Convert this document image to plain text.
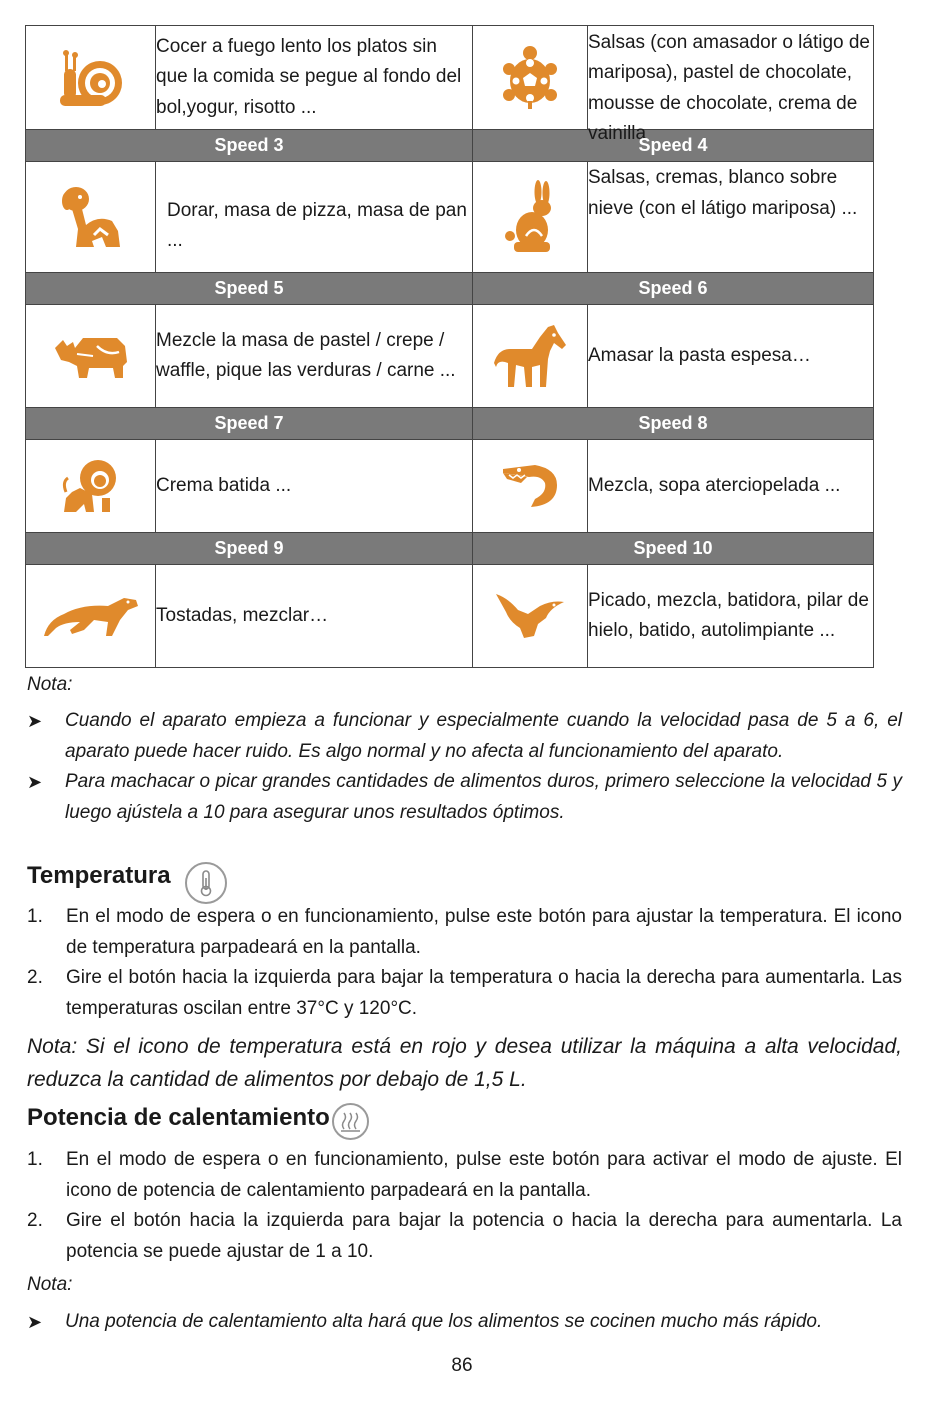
	Cocer a fuego lento los platos sin que la comida se pegue al fondo del bol,yogur, risotto ...		Salsas (con amasador o látigo de mariposa), pastel de chocolate, mousse de chocolate, crema de vainilla

Speed 3		Speed 4	

	Dorar, masa de pizza, masa de pan ...		Salsas, cremas, blanco sobre nieve (con el látigo mariposa) ...
Speed 5		Speed 6	

	Mezcle la masa de pastel / crepe / waffle, pique las verduras / carne ...		Amasar la pasta espesa…
Speed 7		Speed 8	

	Crema batida ...		Mezcla, sopa aterciopelada ...
Speed 9		Speed 10	

	Tostadas, mezclar…		Picado, mezcla, batidora, pilar de hielo, batido, autolimpiante ...
Nota:
➤ Cuando el aparato empieza a funcionar y especialmente cuando la velocidad pasa de 5 a 6, el aparato puede hacer ruido. Es algo normal y no afecta al funcionamiento del aparato.
➤ Para machacar o picar grandes cantidades de alimentos duros, primero seleccione la velocidad 5 y luego ajústela a 10 para asegurar unos resultados óptimos.
Temperatura
1. En el modo de espera o en funcionamiento, pulse este botón para ajustar la temperatura. El icono de temperatura parpadeará en la pantalla.
2. Gire el botón hacia la izquierda para bajar la temperatura o hacia la derecha para aumentarla. Las temperaturas oscilan entre 37°C y 120°C.
Nota: Si el icono de temperatura está en rojo y desea utilizar la máquina a alta velocidad, reduzca la cantidad de alimentos por debajo de 1,5 L.
Potencia de calentamiento
1. En el modo de espera o en funcionamiento, pulse este botón para activar el modo de ajuste. El icono de potencia de calentamiento parpadeará en la pantalla.
2. Gire el botón hacia la izquierda para bajar la potencia o hacia la derecha para aumentarla. La potencia se puede ajustar de 1 a 10.
Nota:
➤ Una potencia de calentamiento alta hará que los alimentos se cocinen mucho más rápido.
86
